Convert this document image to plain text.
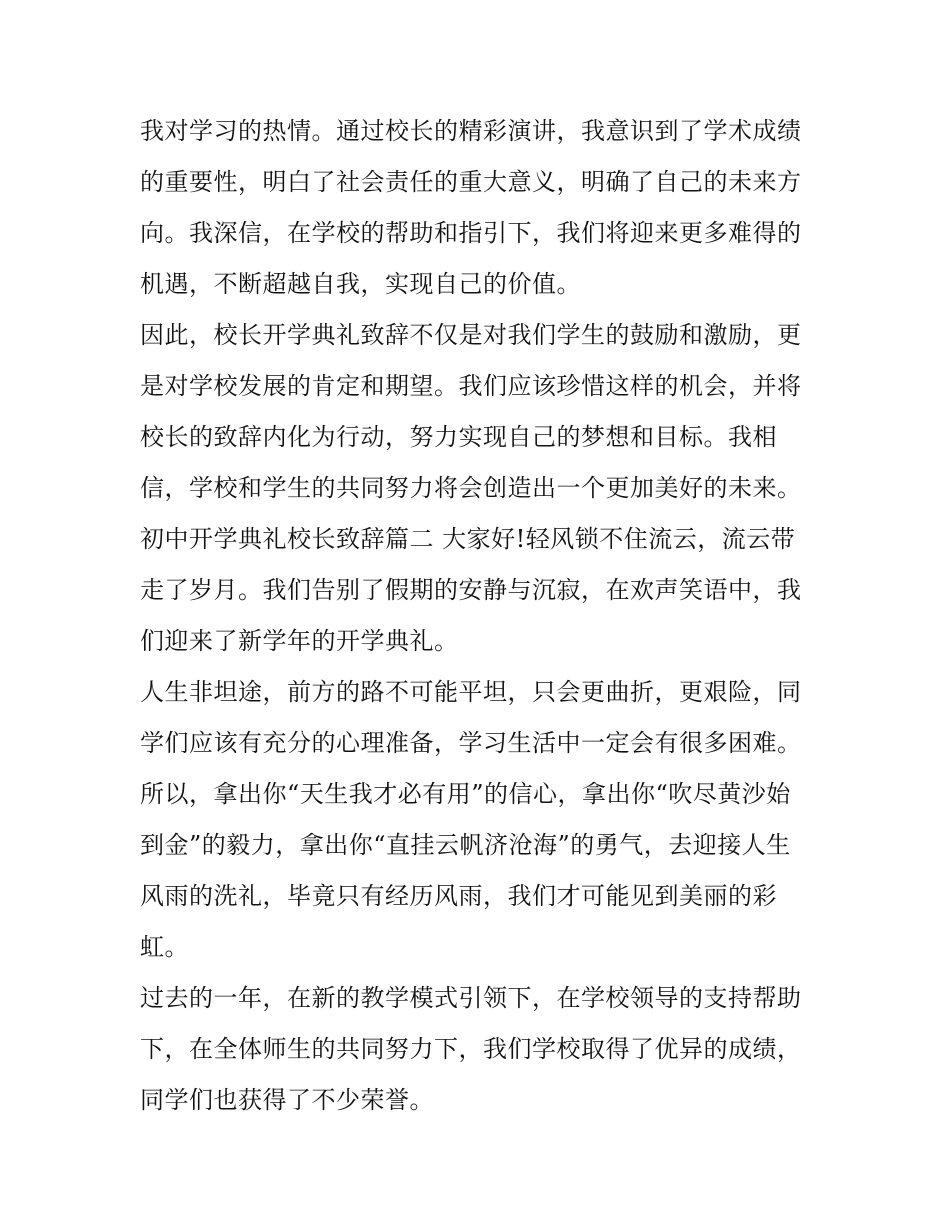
我对学习的热情。通过校长的精彩演讲，我意识到了学术成绩
的重要性，明白了社会责任的重大意义，明确了自己的未来方
向。我深信，在学校的帮助和指引下，我们将迎来更多难得的
机遇，不断超越自我，实现自己的价值。
因此，校长开学典礼致辞不仅是对我们学生的鼓励和激励，更
是对学校发展的肯定和期望。我们应该珍惜这样的机会，并将
校长的致辞内化为行动，努力实现自己的梦想和目标。我相
信，学校和学生的共同努力将会创造出一个更加美好的未来。
初中开学典礼校长致辞篇二 大家好!轻风锁不住流云，流云带
走了岁月。我们告别了假期的安静与沉寂，在欢声笑语中，我
们迎来了新学年的开学典礼。
人生非坦途，前方的路不可能平坦，只会更曲折，更艰险，同
学们应该有充分的心理准备，学习生活中一定会有很多困难。
所以，拿出你“天生我才必有用”的信心，拿出你“吹尽黄沙始
到金”的毅力，拿出你“直挂云帆济沧海”的勇气，去迎接人生
风雨的洗礼，毕竟只有经历风雨，我们才可能见到美丽的彩
虹。
过去的一年，在新的教学模式引领下，在学校领导的支持帮助
下，在全体师生的共同努力下，我们学校取得了优异的成绩，
同学们也获得了不少荣誉。
